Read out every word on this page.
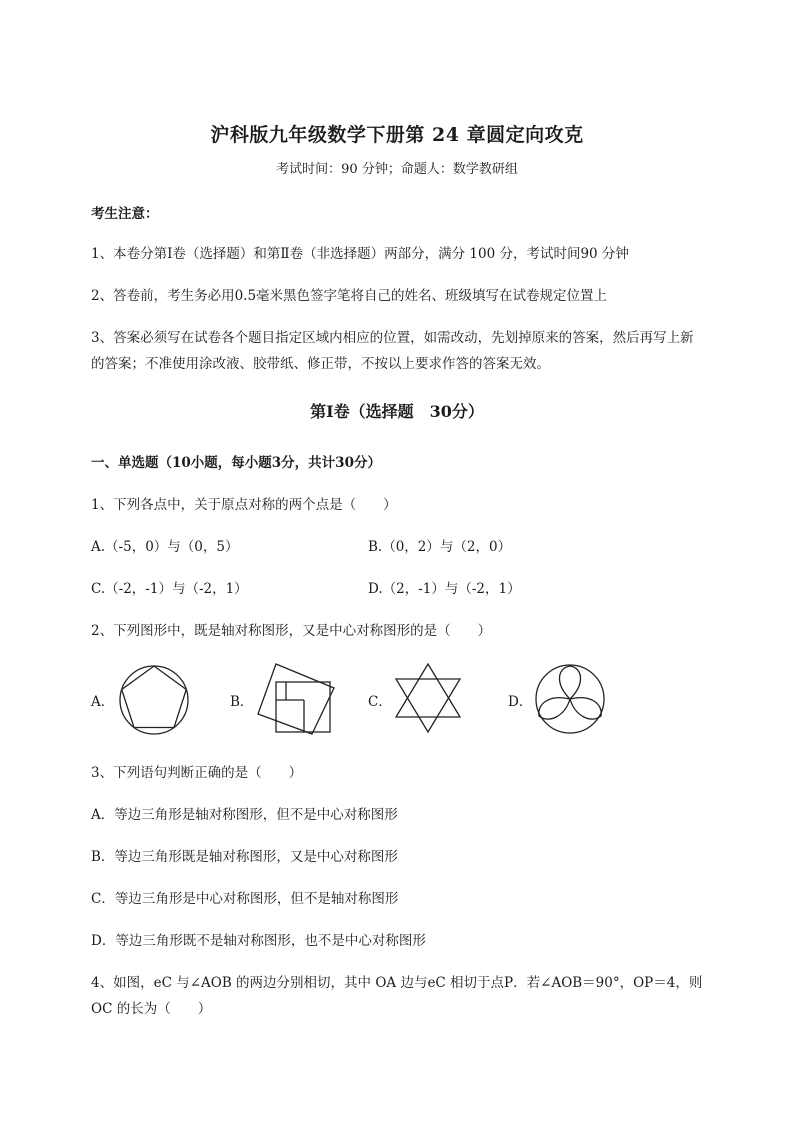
沪科版九年级数学下册第 24 章圆定向攻克
考试时间：90 分钟；命题人：数学教研组
考生注意：
1、本卷分第Ⅰ卷（选择题）和第Ⅱ卷（非选择题）两部分，满分 100 分，考试时间90 分钟
2、答卷前，考生务必用0.5毫米黑色签字笔将自己的姓名、班级填写在试卷规定位置上
3、答案必须写在试卷各个题目指定区域内相应的位置，如需改动，先划掉原来的答案，然后再写上新
的答案；不准使用涂改液、胶带纸、修正带，不按以上要求作答的答案无效。
第Ⅰ卷（选择题　30分）
一、单选题（10小题，每小题3分，共计30分）
1、下列各点中，关于原点对称的两个点是（　　）
A.（-5，0）与（0，5）	B.（0，2）与（2，0）
C.（-2，-1）与（-2，1）	D.（2，-1）与（-2，1）
2、下列图形中，既是轴对称图形，又是中心对称图形的是（　　）
A．	B．	C．	D．
3、下列语句判断正确的是（　　）
A．等边三角形是轴对称图形，但不是中心对称图形
B．等边三角形既是轴对称图形，又是中心对称图形
C．等边三角形是中心对称图形，但不是轴对称图形
D．等边三角形既不是轴对称图形，也不是中心对称图形
4、如图，eC 与∠AOB 的两边分别相切，其中 OA 边与eC 相切于点P．若∠AOB＝90°，OP＝4，则
OC 的长为（　　）
